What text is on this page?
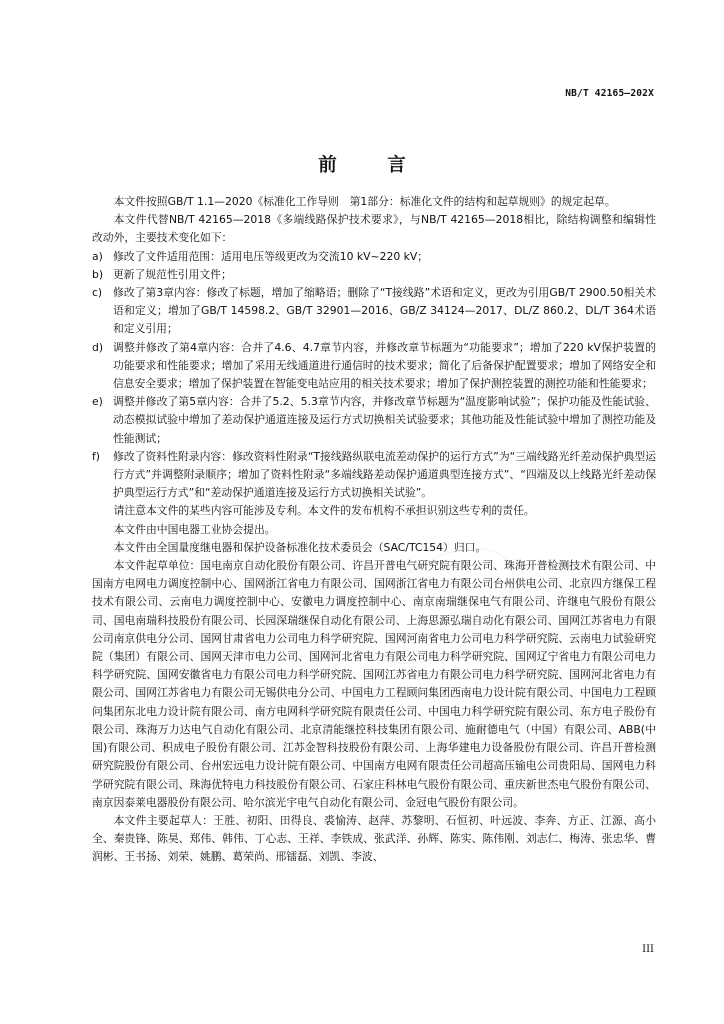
NB/T 42165—202X
前 言

本文件按照GB/T 1.1—2020《标准化工作导则　第1部分：标准化文件的结构和起草规则》的规定起草。

本文件代替NB/T 42165—2018《多端线路保护技术要求》，与NB/T 42165—2018相比，除结构调整和编辑性改动外，主要技术变化如下：

a) 修改了文件适用范围：适用电压等级更改为交流10 kV~220 kV；
b) 更新了规范性引用文件；
c)	修改了第3章内容：修改了标题，增加了缩略语；删除了“T接线路”术语和定义，更改为引用GB/T 2900.50相关术语和定义；增加了GB/T 14598.2、GB/T 32901—2016、GB/Z 34124—2017、DL/Z 860.2、DL/T 364术语和定义引用；
d) 调整并修改了第4章内容：合并了4.6、4.7章节内容，并修改章节标题为“功能要求”；增加了220 kV保护装置的功能要求和性能要求；增加了采用无线通道进行通信时的技术要求；简化了后备保护配置要求；增加了网络安全和信息安全要求；增加了保护装置在智能变电站应用的相关技术要求；增加了保护测控装置的测控功能和性能要求；
e) 调整并修改了第5章内容：合并了5.2、5.3章节内容，并修改章节标题为“温度影响试验”；保护功能及性能试验、动态模拟试验中增加了差动保护通道连接及运行方式切换相关试验要求；其他功能及性能试验中增加了测控功能及性能测试；
f)	修改了资料性附录内容：修改资料性附录“T接线路纵联电流差动保护的运行方式”为“三端线路光纤差动保护典型运行方式”并调整附录顺序；增加了资料性附录“多端线路差动保护通道典型连接方式”、“四端及以上线路光纤差动保护典型运行方式”和“差动保护通道连接及运行方式切换相关试验”。

请注意本文件的某些内容可能涉及专利。本文件的发布机构不承担识别这些专利的责任。

本文件由中国电器工业协会提出。

本文件由全国量度继电器和保护设备标准化技术委员会（SAC/TC154）归口。

本文件起草单位：国电南京自动化股份有限公司、许昌开普电气研究院有限公司、珠海开普检测技术有限公司、中国南方电网电力调度控制中心、国网浙江省电力有限公司、国网浙江省电力有限公司台州供电公司、北京四方继保工程技术有限公司、云南电力调度控制中心、安徽电力调度控制中心、南京南瑞继保电气有限公司、许继电气股份有限公司、国电南瑞科技股份有限公司、长园深瑞继保自动化有限公司、上海思源弘瑞自动化有限公司、国网江苏省电力有限公司南京供电分公司、国网甘肃省电力公司电力科学研究院、国网河南省电力公司电力科学研究院、云南电力试验研究院（集团）有限公司、国网天津市电力公司、国网河北省电力有限公司电力科学研究院、国网辽宁省电力有限公司电力科学研究院、国网安徽省电力有限公司电力科学研究院、国网江苏省电力有限公司电力科学研究院、国网河北省电力有限公司、国网江苏省电力有限公司无锡供电分公司、中国电力工程顾问集团西南电力设计院有限公司、中国电力工程顾问集团东北电力设计院有限公司、南方电网科学研究院有限责任公司、中国电力科学研究院有限公司、东方电子股份有限公司、珠海万力达电气自动化有限公司、北京清能继控科技集团有限公司、施耐德电气（中国）有限公司、ABB(中国)有限公司、积成电子股份有限公司、江苏金智科技股份有限公司、上海华建电力设备股份有限公司、许昌开普检测研究院股份有限公司、台州宏远电力设计院有限公司、中国南方电网有限责任公司超高压输电公司贵阳局、国网电力科学研究院有限公司、珠海优特电力科技股份有限公司、石家庄科林电气股份有限公司、重庆新世杰电气股份有限公司、南京因泰莱电器股份有限公司、哈尔滨光宇电气自动化有限公司、金冠电气股份有限公司。

本文件主要起草人：王胜、初阳、田得良、裘愉涛、赵萍、苏黎明、石恒初、叶远波、李奔、方正、江源、高小全、秦贵锋、陈昊、郑伟、韩伟、丁心志、王祥、李铁成、张武洋、孙辉、陈实、陈伟刚、刘志仁、梅涛、张忠华、曹润彬、王书扬、刘荣、姚鹏、葛荣尚、邢镭磊、刘凯、李波、

III
